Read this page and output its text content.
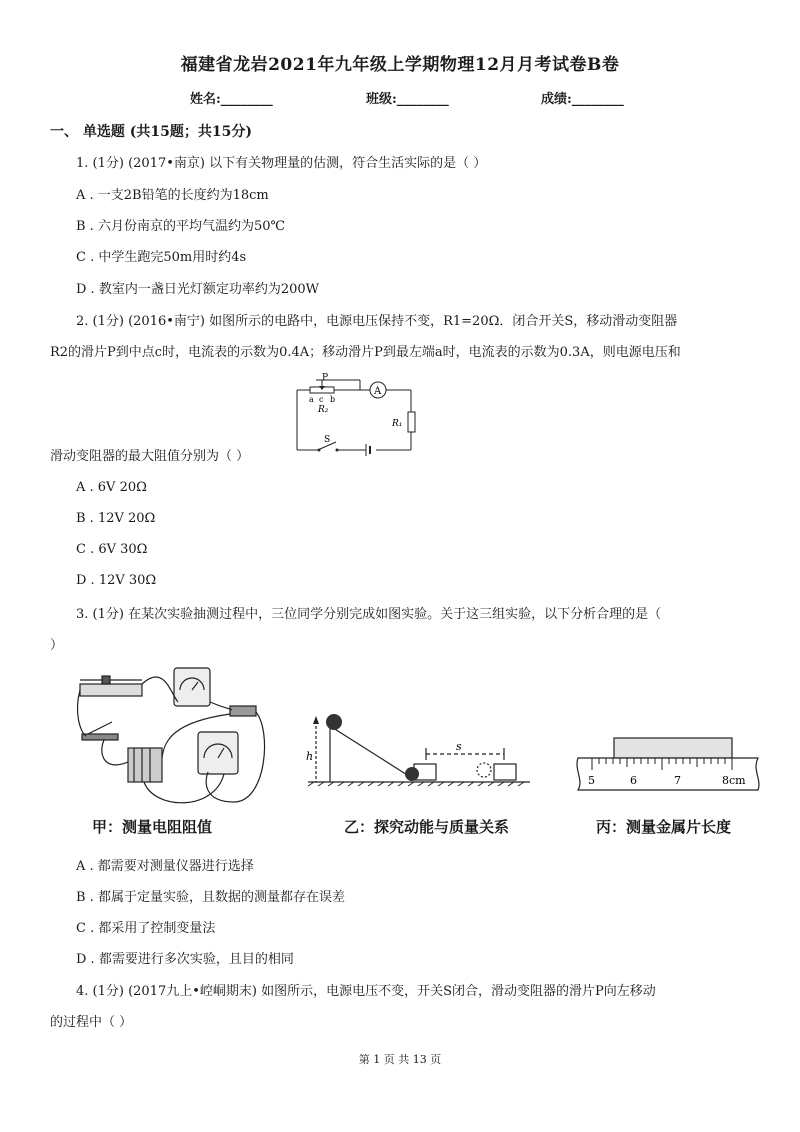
福建省龙岩2021年九年级上学期物理12月月考试卷B卷
姓名:________	班级:________	成绩:________
一、 单选题 (共15题；共15分)
1. (1分) (2017•南京) 以下有关物理量的估测，符合生活实际的是（ ）
A . 一支2B铅笔的长度约为18cm
B . 六月份南京的平均气温约为50℃
C . 中学生跑完50m用时约4s
D . 教室内一盏日光灯额定功率约为200W
2. (1分) (2016•南宁) 如图所示的电路中，电源电压保持不变，R1=20Ω．闭合开关S，移动滑动变阻器
R2的滑片P到中点c时，电流表的示数为0.4A；移动滑片P到最左端a时，电流表的示数为0.3A，则电源电压和
A
P
a c b
R₂
R₁
S
滑动变阻器的最大阻值分别为（ ）
A . 6V 20Ω
B . 12V 20Ω
C . 6V 30Ω
D . 12V 30Ω
3. (1分) 在某次实验抽测过程中，三位同学分别完成如图实验。关于这三组实验，以下分析合理的是（
）
甲：测量电阻阻值
h
s
乙：探究动能与质量关系
5	6	7	8cm
丙：测量金属片长度
A . 都需要对测量仪器进行选择
B . 都属于定量实验，且数据的测量都存在误差
C . 都采用了控制变量法
D . 都需要进行多次实验，且目的相同
4. (1分) (2017九上•崆峒期末) 如图所示，电源电压不变，开关S闭合，滑动变阻器的滑片P向左移动
的过程中（ ）
第 1 页 共 13 页
